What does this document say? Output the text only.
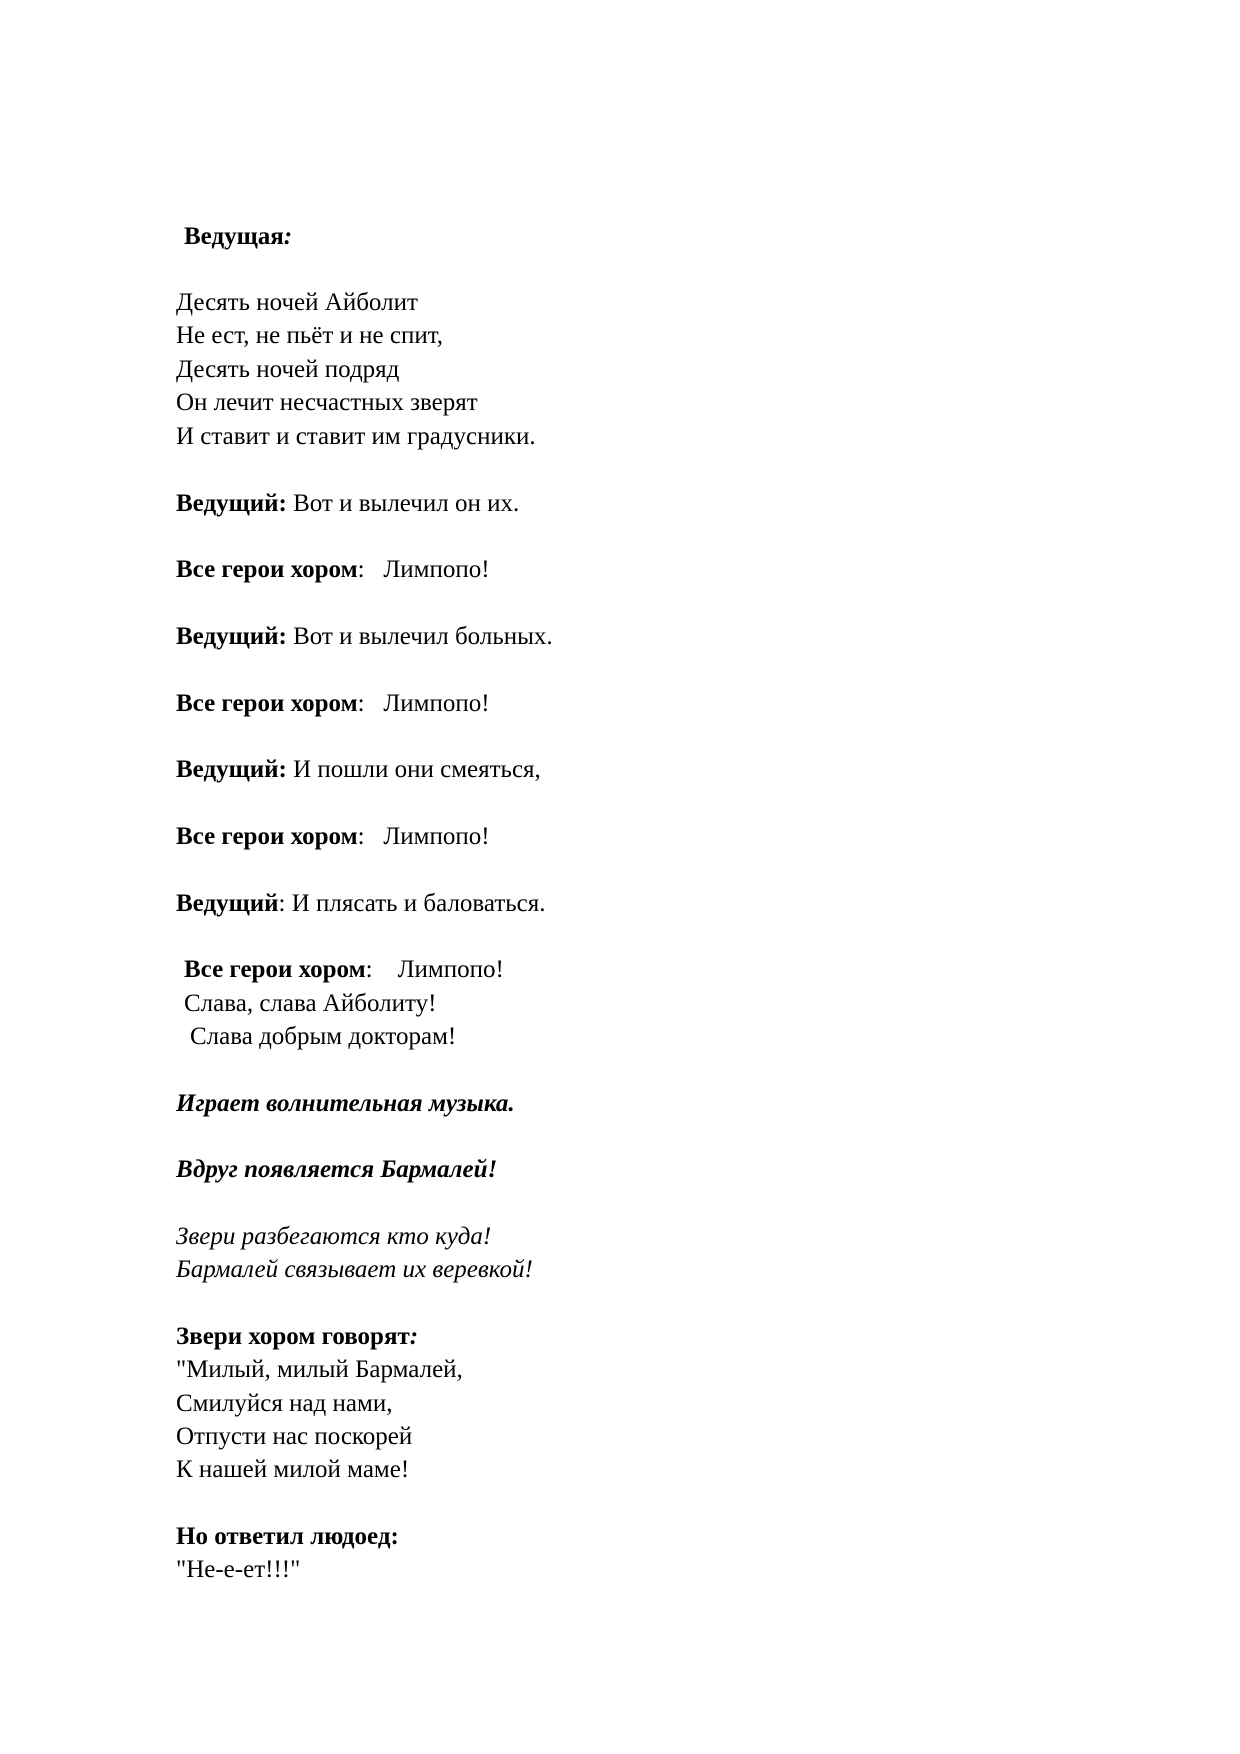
Ведущая:
Десять ночей Айболит
Не ест, не пьёт и не спит,
Десять ночей подряд
Он лечит несчастных зверят
И ставит и ставит им градусники.
Ведущий: Вот и вылечил он их.
Все герои хором:   Лимпопо!
Ведущий: Вот и вылечил больных.
Все герои хором:   Лимпопо!
Ведущий: И пошли они смеяться,
Все герои хором:   Лимпопо!
Ведущий: И плясать и баловаться.
Все герои хором:    Лимпопо!
Слава, слава Айболиту!
Слава добрым докторам!
Играет волнительная музыка.
Вдруг появляется Бармалей!
Звери разбегаются кто куда!
Бармалей связывает их веревкой!
Звери хором говорят:
"Милый, милый Бармалей,
Смилуйся над нами,
Отпусти нас поскорей
К нашей милой маме!
Но ответил людоед:
"Не-е-ет!!!"
